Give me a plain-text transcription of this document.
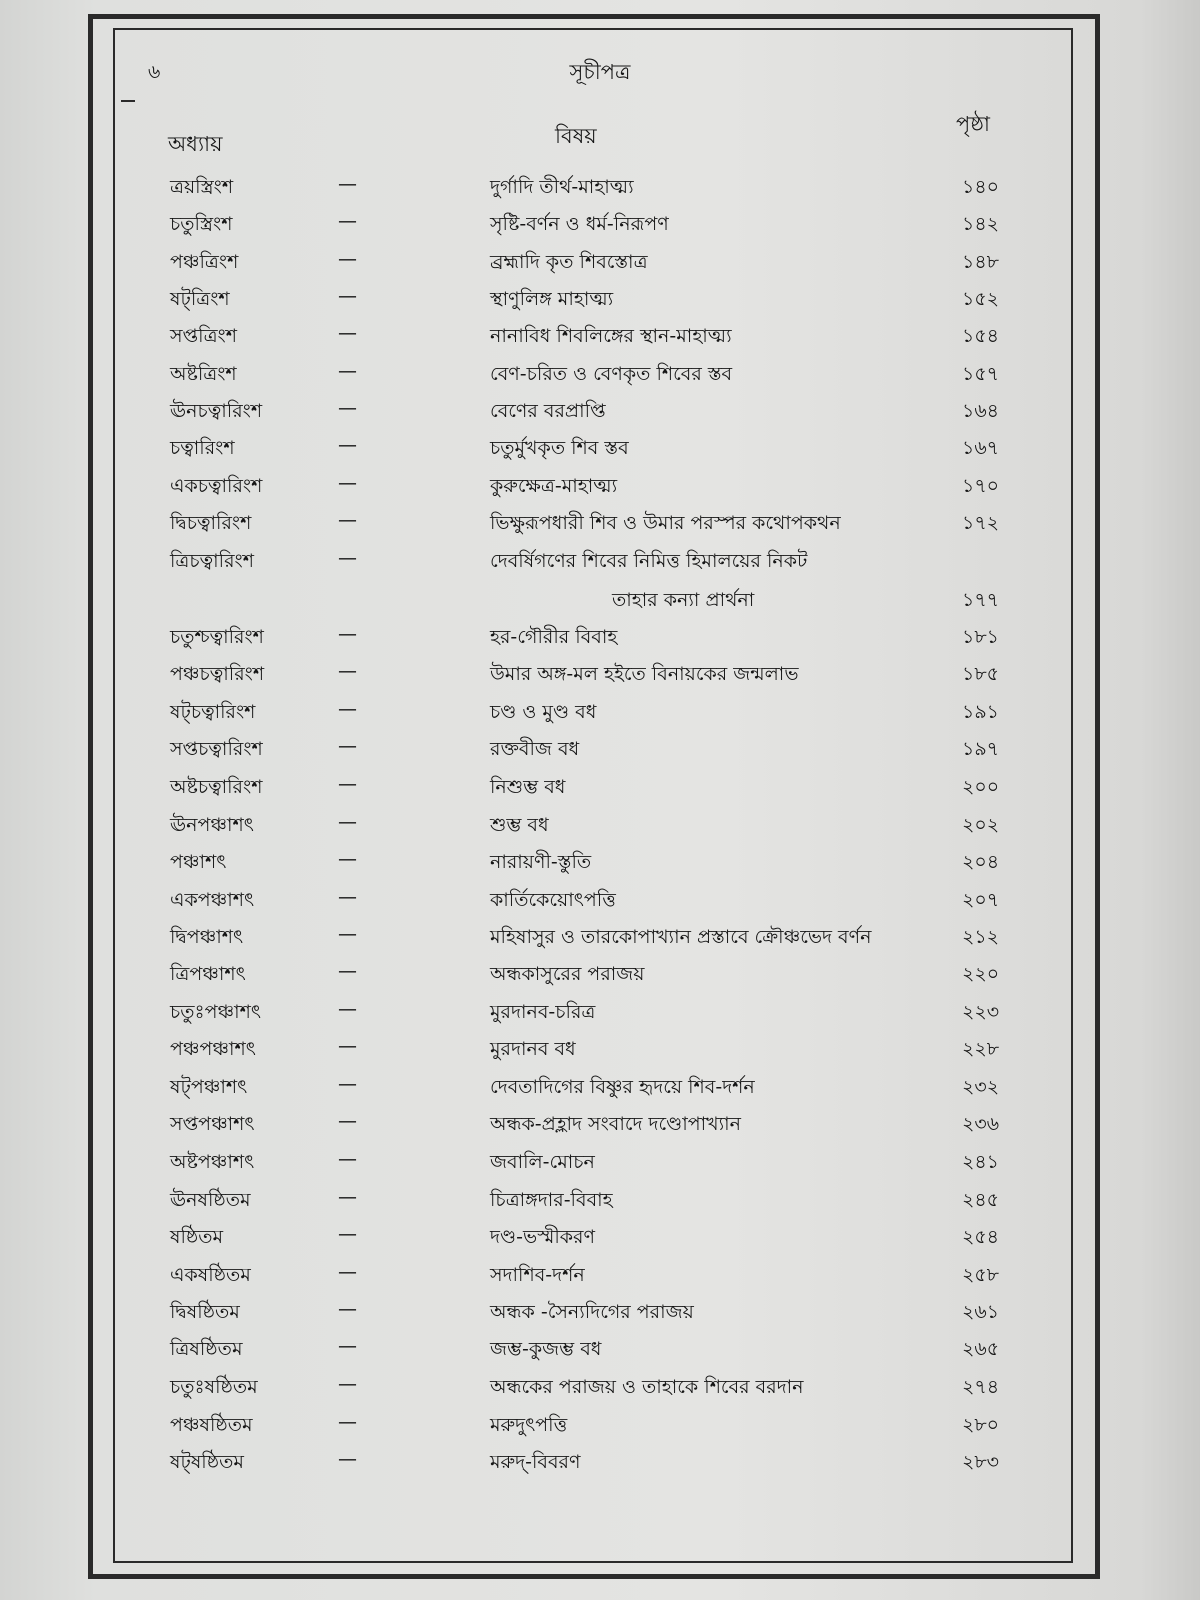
৬	সূচীপত্র
অধ্যায়	বিষয়	পৃষ্ঠা
ত্রয়স্ত্রিংশ	—	দুর্গাদি তীর্থ-মাহাত্ম্য	১৪০
চতুস্ত্রিংশ	—	সৃষ্টি-বর্ণন ও ধর্ম-নিরূপণ	১৪২
পঞ্চত্রিংশ	—	ব্রহ্মাদি কৃত শিবস্তোত্র	১৪৮
ষট্‌ত্রিংশ	—	স্থাণুলিঙ্গ মাহাত্ম্য	১৫২
সপ্তত্রিংশ	—	নানাবিধ শিবলিঙ্গের স্থান-মাহাত্ম্য	১৫৪
অষ্টত্রিংশ	—	বেণ-চরিত ও বেণকৃত শিবের স্তব	১৫৭
ঊনচত্বারিংশ	—	বেণের বরপ্রাপ্তি	১৬৪
চত্বারিংশ	—	চতুর্মুখকৃত শিব স্তব	১৬৭
একচত্বারিংশ	—	কুরুক্ষেত্র-মাহাত্ম্য	১৭০
দ্বিচত্বারিংশ	—	ভিক্ষুরূপধারী শিব ও উমার পরস্পর কথোপকথন	১৭২
ত্রিচত্বারিংশ	—	দেবর্ষিগণের শিবের নিমিত্ত হিমালয়ের নিকট
তাহার কন্যা প্রার্থনা	১৭৭
চতুশ্চত্বারিংশ	—	হর-গৌরীর বিবাহ	১৮১
পঞ্চচত্বারিংশ	—	উমার অঙ্গ-মল হইতে বিনায়কের জন্মলাভ	১৮৫
ষট্‌চত্বারিংশ	—	চণ্ড ও মুণ্ড বধ	১৯১
সপ্তচত্বারিংশ	—	রক্তবীজ বধ	১৯৭
অষ্টচত্বারিংশ	—	নিশুম্ভ বধ	২০০
ঊনপঞ্চাশৎ	—	শুম্ভ বধ	২০২
পঞ্চাশৎ	—	নারায়ণী-স্তুতি	২০৪
একপঞ্চাশৎ	—	কার্তিকেয়োৎপত্তি	২০৭
দ্বিপঞ্চাশৎ	—	মহিষাসুর ও তারকোপাখ্যান প্রস্তাবে ক্রৌঞ্চভেদ বর্ণন	২১২
ত্রিপঞ্চাশৎ	—	অন্ধকাসুরের পরাজয়	২২০
চতুঃপঞ্চাশৎ	—	মুরদানব-চরিত্র	২২৩
পঞ্চপঞ্চাশৎ	—	মুরদানব বধ	২২৮
ষট্‌পঞ্চাশৎ	—	দেবতাদিগের বিষ্ণুর হৃদয়ে শিব-দর্শন	২৩২
সপ্তপঞ্চাশৎ	—	অন্ধক-প্রহ্লাদ সংবাদে দণ্ডোপাখ্যান	২৩৬
অষ্টপঞ্চাশৎ	—	জবালি-মোচন	২৪১
ঊনষষ্ঠিতম	—	চিত্রাঙ্গদার-বিবাহ	২৪৫
ষষ্ঠিতম	—	দণ্ড-ভস্মীকরণ	২৫৪
একষষ্ঠিতম	—	সদাশিব-দর্শন	২৫৮
দ্বিষষ্ঠিতম	—	অন্ধক -সৈন্যদিগের পরাজয়	২৬১
ত্রিষষ্ঠিতম	—	জম্ভ-কুজম্ভ বধ	২৬৫
চতুঃষষ্ঠিতম	—	অন্ধকের পরাজয় ও তাহাকে শিবের বরদান	২৭৪
পঞ্চষষ্ঠিতম	—	মরুদুৎপত্তি	২৮০
ষট্‌ষষ্ঠিতম	—	মরুদ্‌-বিবরণ	২৮৩
